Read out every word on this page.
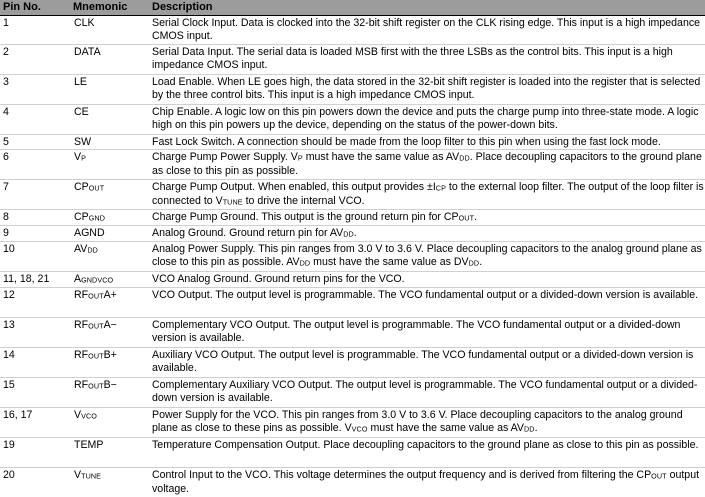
Pin No.	Mnemonic	Description
1	CLK	Serial Clock Input. Data is clocked into the 32-bit shift register on the CLK rising edge. This input is a high impedance CMOS input.
2	DATA	Serial Data Input. The serial data is loaded MSB first with the three LSBs as the control bits. This input is a high impedance CMOS input.
3	LE	Load Enable. When LE goes high, the data stored in the 32-bit shift register is loaded into the register that is selected by the three control bits. This input is a high impedance CMOS input.
4	CE	Chip Enable. A logic low on this pin powers down the device and puts the charge pump into three-state mode. A logic high on this pin powers up the device, depending on the status of the power-down bits.
5	SW	Fast Lock Switch. A connection should be made from the loop filter to this pin when using the fast lock mode.
6	VP	Charge Pump Power Supply. VP must have the same value as AVDD. Place decoupling capacitors to the ground plane as close to this pin as possible.
7	CPOUT	Charge Pump Output. When enabled, this output provides ±ICP to the external loop filter. The output of the loop filter is connected to VTUNE to drive the internal VCO.
8	CPGND	Charge Pump Ground. This output is the ground return pin for CPOUT.
9	AGND	Analog Ground. Ground return pin for AVDD.
10	AVDD	Analog Power Supply. This pin ranges from 3.0 V to 3.6 V. Place decoupling capacitors to the analog ground plane as close to this pin as possible. AVDD must have the same value as DVDD.
11, 18, 21	AGNDVCO	VCO Analog Ground. Ground return pins for the VCO.
12	RFOUTA+	VCO Output. The output level is programmable. The VCO fundamental output or a divided-down version is available.
13	RFOUTA−	Complementary VCO Output. The output level is programmable. The VCO fundamental output or a divided-down version is available.
14	RFOUTB+	Auxiliary VCO Output. The output level is programmable. The VCO fundamental output or a divided-down version is available.
15	RFOUTB−	Complementary Auxiliary VCO Output. The output level is programmable. The VCO fundamental output or a divided-down version is available.
16, 17	VVCO	Power Supply for the VCO. This pin ranges from 3.0 V to 3.6 V. Place decoupling capacitors to the analog ground plane as close to these pins as possible. VVCO must have the same value as AVDD.
19	TEMP	Temperature Compensation Output. Place decoupling capacitors to the ground plane as close to this pin as possible.
20	VTUNE	Control Input to the VCO. This voltage determines the output frequency and is derived from filtering the CPOUT output voltage.
